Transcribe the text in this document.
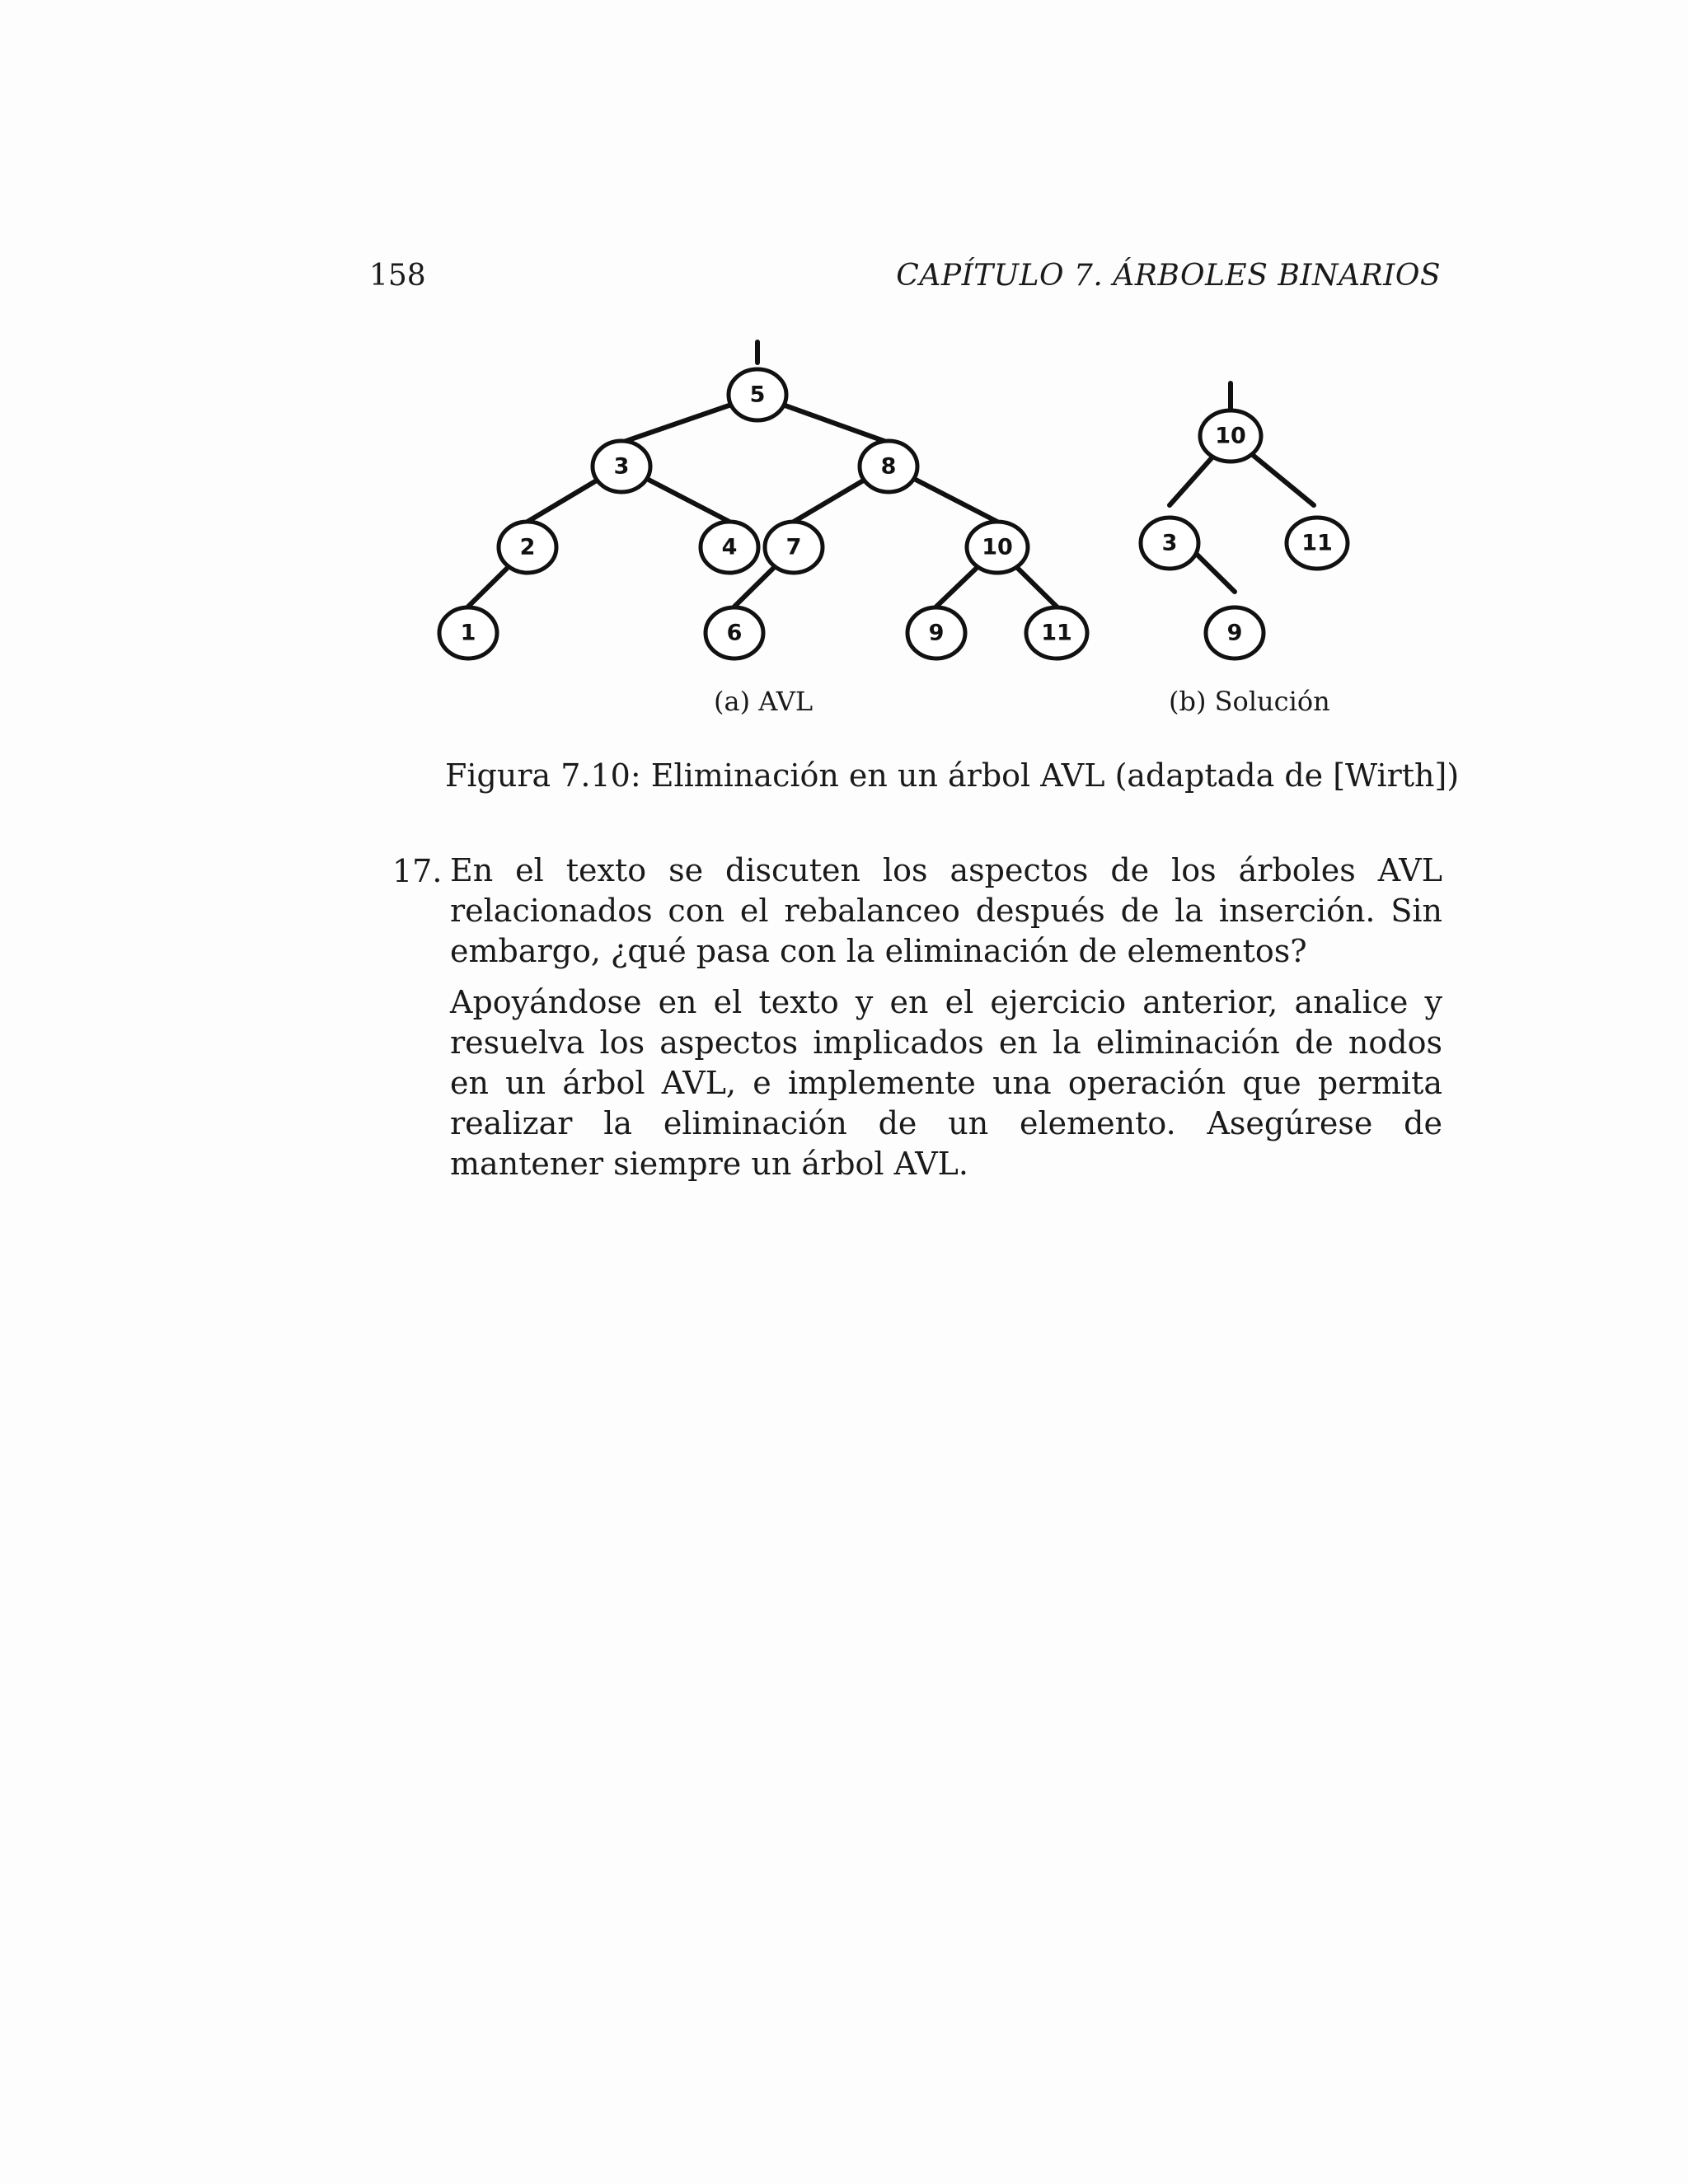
158	CAPÍTULO 7. ÁRBOLES BINARIOS
5
3	8
2	4 7	10
1	6	9	11
10
3	11
9
(a) AVL	(b) Solución
Figura 7.10: Eliminación en un árbol AVL (adaptada de [Wirth])
17. En el texto se discuten los aspectos de los árboles AVL relacionados con el rebalanceo después de la inserción. Sin embargo, ¿qué pasa con la eliminación de elementos?
Apoyándose en el texto y en el ejercicio anterior, analice y resuelva los aspectos implicados en la eliminación de nodos en un árbol AVL, e implemente una operación que permita realizar la eliminación de un elemento. Asegúrese de mantener siempre un árbol AVL.
